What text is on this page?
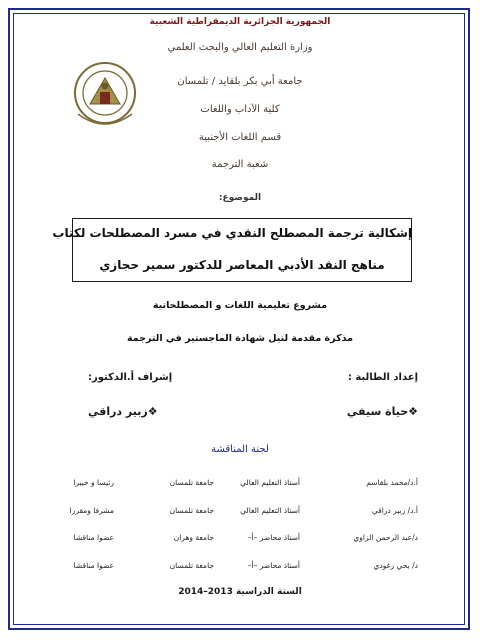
الجمهورية الجزائرية الديمقراطية الشعبية
وزارة التعليم العالي والبحث العلمي
جامعة أبي بكر بلقايد / تلمسان
كلية الآداب واللغات
قسم اللغات الأجنبية
شعبة الترجمة
الموضوع:
إشكالية ترجمة المصطلح النقدي في مسرد المصطلحات لكتاب
مناهج النقد الأدبي المعاصر للدكتور سمير حجازي
مشروع تعليمية اللغات و المصطلحاتية
مذكرة مقدمة لنيل شهادة الماجستير في الترجمة
إعداد الطالبة :
إشراف أ.الدكتور:
❖حياة سيفي
❖زبير دراقي
لجنة المناقشة
أ.د/محمد بلقاسم
أستاذ التعليم العالي
جامعة تلمسان
رئيسا و خبيرا
أ.د/ زبير دراقي
أستاذ التعليم العالي
جامعة تلمسان
مشرفا ومقررا
د/عبد الرحمن الزاوي
أستاذ محاضر –أ–
جامعة وهران
عضوا مناقشا
د/ يحي زغودي
أستاذ محاضر –أ–
جامعة تلمسان
عضوا مناقشا
السنة الدراسية 2013–2014
